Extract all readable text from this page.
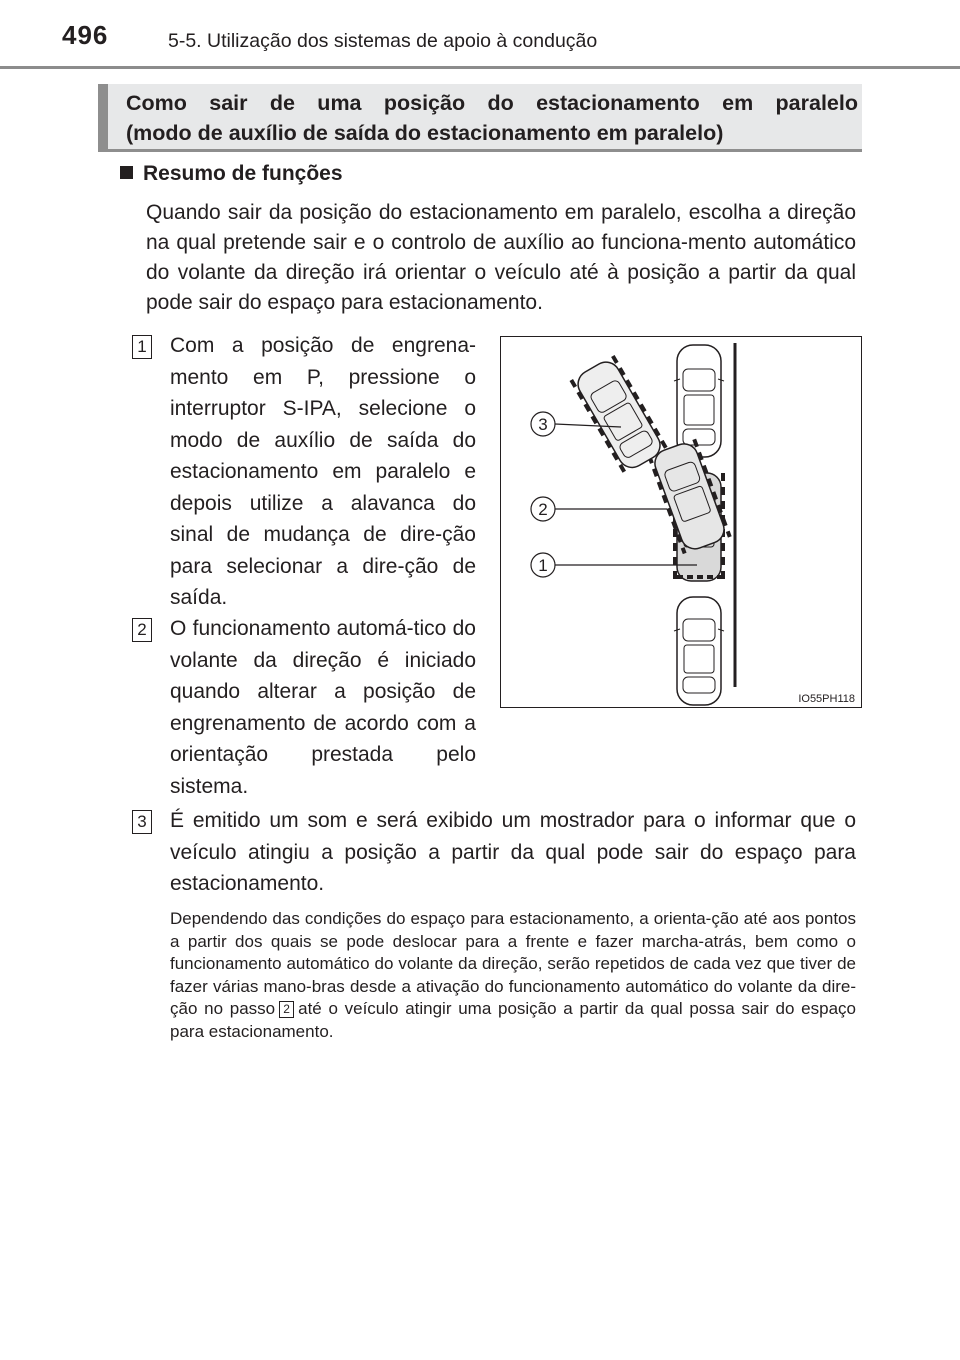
496	5-5. Utilização dos sistemas de apoio à condução
Como sair de uma posição do estacionamento em paralelo
(modo de auxílio de saída do estacionamento em paralelo)
Resumo de funções
Quando sair da posição do estacionamento em paralelo, escolha a direção na qual pretende sair e o controlo de auxílio ao funciona-mento automático do volante da direção irá orientar o veículo até à posição a partir da qual pode sair do espaço para estacionamento.
1 Com a posição de engrena-mento em P, pressione o interruptor S-IPA, selecione o modo de auxílio de saída do estacionamento em paralelo e depois utilize a alavanca do sinal de mudança de dire-ção para selecionar a dire-ção de saída.
2 O funcionamento automá-tico do volante da direção é iniciado quando alterar a posição de engrenamento de acordo com a orientação prestada pelo sistema.
3 É emitido um som e será exibido um mostrador para o informar que o veículo atingiu a posição a partir da qual pode sair do espaço para estacionamento.
3
2
1
IO55PH118
Dependendo das condições do espaço para estacionamento, a orienta-ção até aos pontos a partir dos quais se pode deslocar para a frente e fazer marcha-atrás, bem como o funcionamento automático do volante da direção, serão repetidos de cada vez que tiver de fazer várias mano-bras desde a ativação do funcionamento automático do volante da dire-ção no passo 2 até o veículo atingir uma posição a partir da qual possa sair do espaço para estacionamento.
